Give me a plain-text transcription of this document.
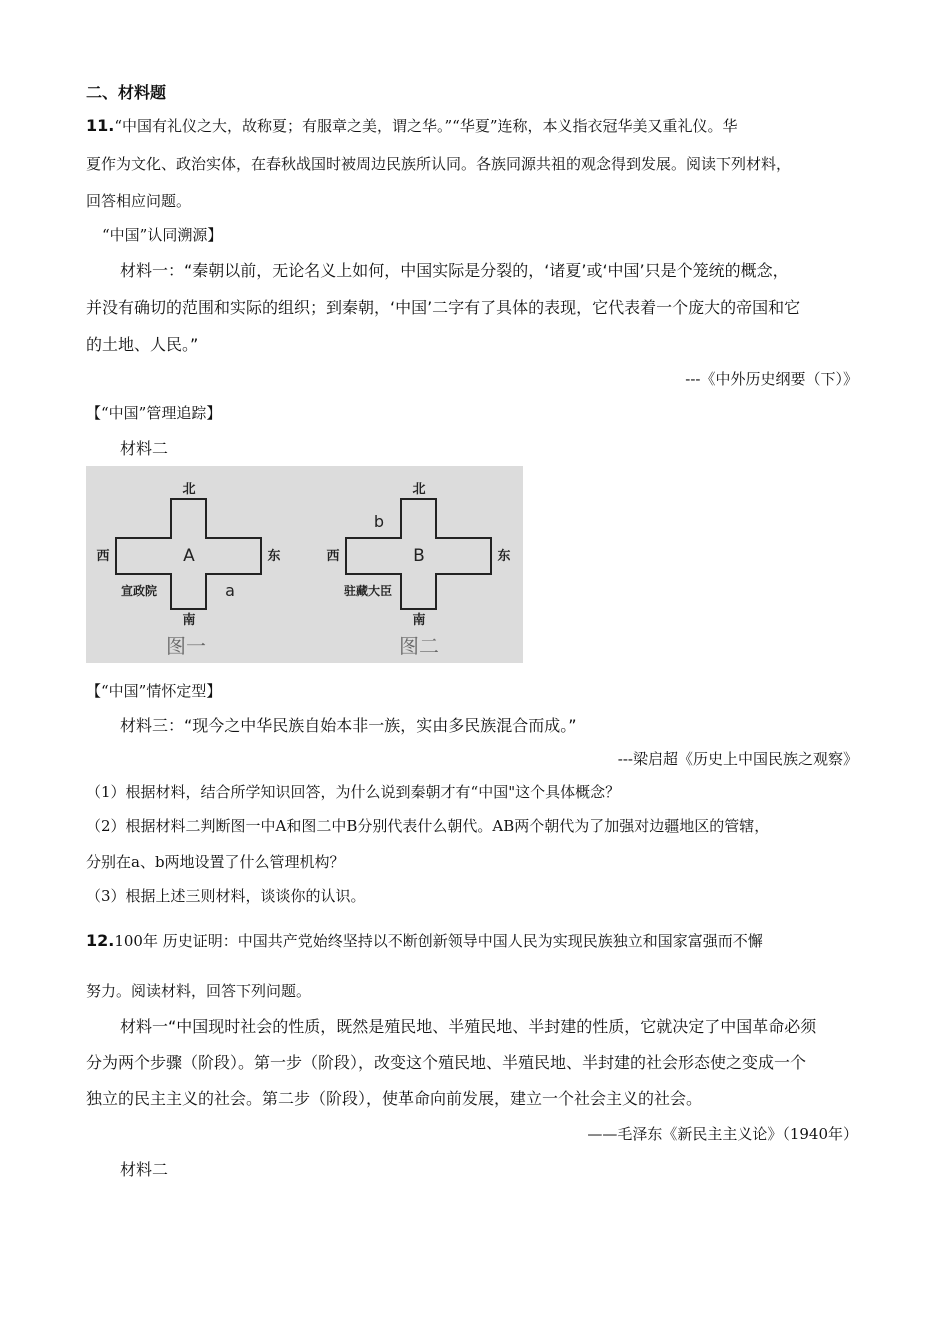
二、材料题
11.“中国有礼仪之大，故称夏；有服章之美，谓之华。”“华夏”连称，本义指衣冠华美又重礼仪。华
夏作为文化、政治实体，在春秋战国时被周边民族所认同。各族同源共祖的观念得到发展。阅读下列材料，
回答相应问题。
“中国”认同溯源】
材料一：“秦朝以前，无论名义上如何，中国实际是分裂的，‘诸夏’或‘中国’只是个笼统的概念，
并没有确切的范围和实际的组织；到秦朝，‘中国’二字有了具体的表现，它代表着一个庞大的帝国和它
的土地、人民。”
---《中外历史纲要（下）》
【“中国”管理追踪】
材料二
北
南
西	东
A
a
宣政院
图一
北
南
西	东
B
b
驻藏大臣
图二
【“中国”情怀定型】
材料三：“现今之中华民族自始本非一族，实由多民族混合而成。”
---梁启超《历史上中国民族之观察》
（1）根据材料，结合所学知识回答，为什么说到秦朝才有“中国"这个具体概念？
（2）根据材料二判断图一中A和图二中B分别代表什么朝代。AB两个朝代为了加强对边疆地区的管辖，
分别在a、b两地设置了什么管理机构？
（3）根据上述三则材料，谈谈你的认识。
12.100年 历史证明：中国共产党始终坚持以不断创新领导中国人民为实现民族独立和国家富强而不懈
努力。阅读材料，回答下列问题。
材料一“中国现时社会的性质，既然是殖民地、半殖民地、半封建的性质，它就决定了中国革命必须
分为两个步骤（阶段）。第一步（阶段），改变这个殖民地、半殖民地、半封建的社会形态使之变成一个
独立的民主主义的社会。第二步（阶段），使革命向前发展，建立一个社会主义的社会。
——毛泽东《新民主主义论》（1940年）
材料二
